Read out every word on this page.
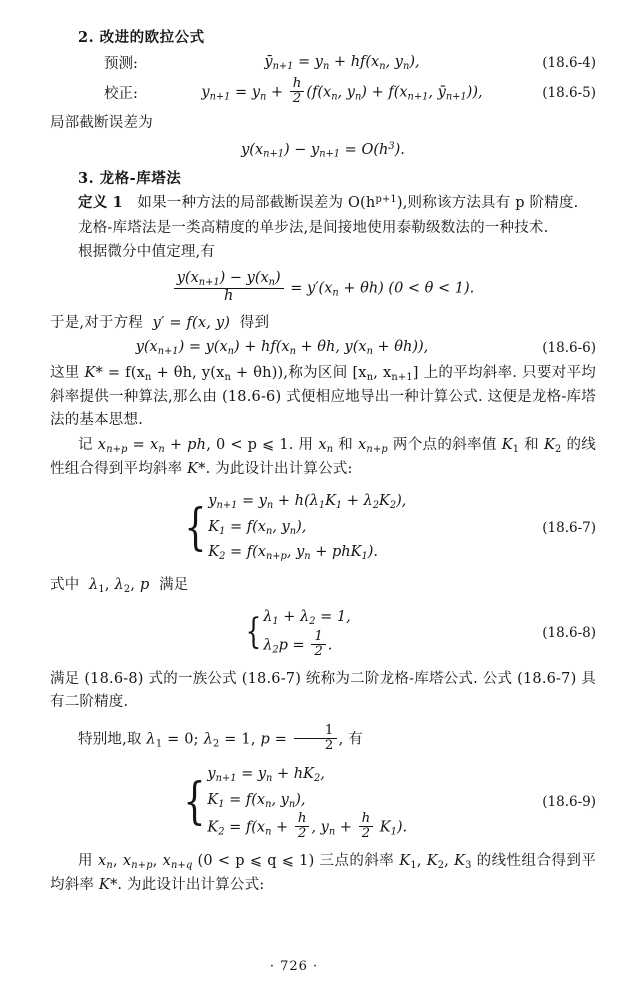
2. 改进的欧拉公式
预测:	$ȳ_{n+1} = y_n + hf(x_n$, $y_n$),	(18.6-4)
校正:	$y_{n+1} = y_n + \frac{h}{2} (f(x_n$, $y_n) + f(x_{n+1}$, $ȳ_{n+1}$)),	(18.6-5)
局部截断误差为
$y(x_{n+1}) - y_{n+1} = O(h^3)$.
3. 龙格-库塔法
定义 1   如果一种方法的局部截断误差为 $O(h^{p+1})$,则称该方法具有 p 阶精度.
龙格-库塔法是一类高精度的单步法,是间接地使用泰勒级数法的一种技术.
根据微分中值定理,有
$\frac{y(x_{n+1}) - y(x_n)}{h} = y'(x_n + \theta h) (0 < \theta < 1)$.
于是,对于方程  y′ = f(x, y)  得到
$y(x_{n+1}) = y(x_n) + hf(x_n + \theta h$, $y(x_n + \theta h)$),	(18.6-6)
这里 $K* = f(x_n + \theta h$, $y(x_n + \theta h)$),称为区间 [$x_n$, $x_{n+1}$] 上的平均斜率. 只要对平均斜率提供一种算法,那么由 (18.6-6) 式便相应地导出一种计算公式. 这便是龙格-库塔法的基本思想.
记 $x_{n+p} = x_n$ + ph, 0 < p ⩽ 1. 用 $x_n$ 和 $x_{n+p}$ 两个点的斜率值 $K_1$ 和 $K_2$ 的线性组合得到平均斜率 K*. 为此设计出计算公式:
{ $y_{n+1} = y_n + h(\lambda_1K_1 + \lambda_2K_2)$,
$K_1 = f(x_n$, $y_n$),
$K_2 = f(x_{n+p}$, $y_n + phK_1$).
(18.6-7)
式中  $\lambda_1$, $\lambda_2$, p  满足
{ $\lambda_1 + \lambda_2 = 1$,
$\lambda_2p = \frac{1}{2}$ .
(18.6-8)
满足 (18.6-8) 式的一族公式 (18.6-7) 统称为二阶龙格-库塔公式. 公式 (18.6-7) 具有二阶精度.
特别地,取 $\lambda_1 = 0$; $\lambda_2 = 1$, $p = \frac{1}{2}$ , 有
{ $y_{n+1} = y_n + hK_2$,
$K_1 = f(x_n$, $y_n$),
$K_2 = f(x_n + \frac{h}{2}$ , $y_n + \frac{h}{2} K_1$).
(18.6-9)
用 $x_n$, $x_{n+p}$, $x_{n+q}$ (0 < p ⩽ q ⩽ 1) 三点的斜率 $K_1$, $K_2$, $K_3$ 的线性组合得到平均斜率 K*. 为此设计出计算公式:
· 726 ·
